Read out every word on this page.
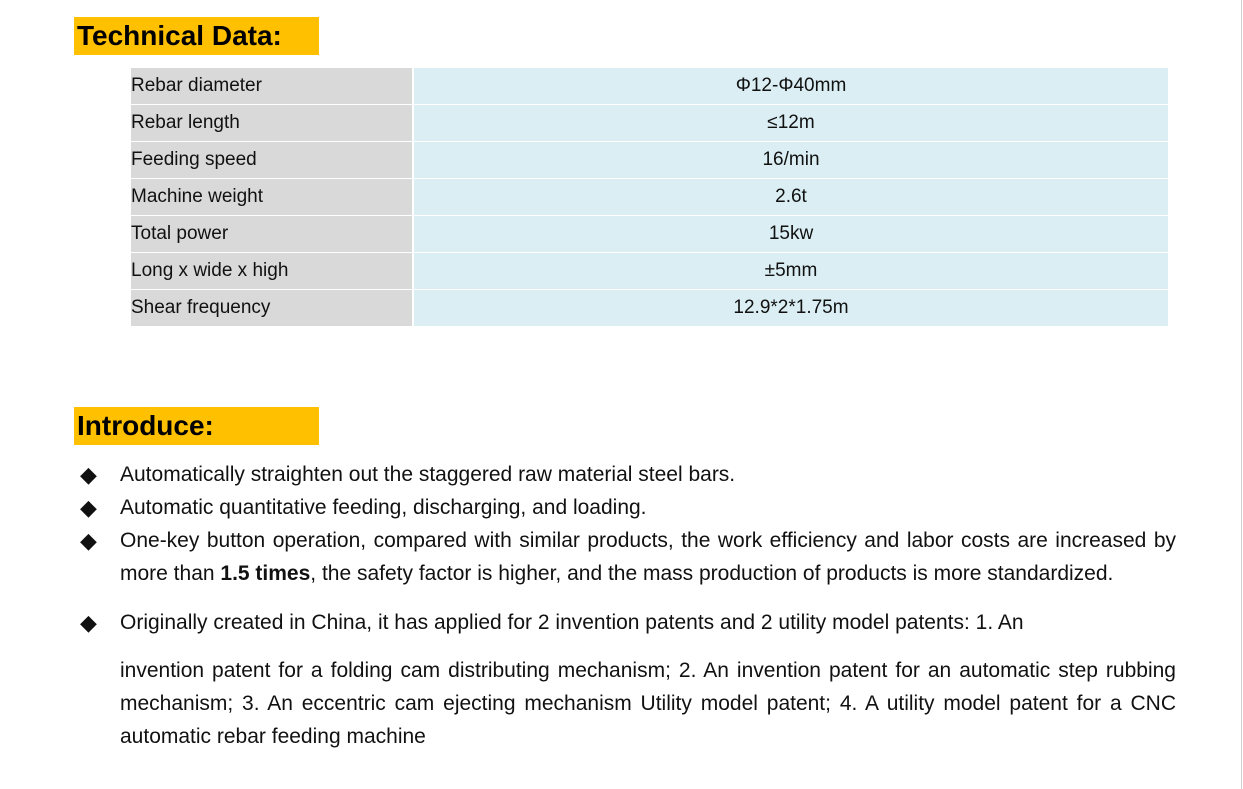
Technical Data:
Rebar diameter	Φ12-Φ40mm
Rebar length	≤12m
Feeding speed	16/min
Machine weight	2.6t
Total power	15kw
Long x wide x high	±5mm
Shear frequency	12.9*2*1.75m
Introduce:
◆ Automatically straighten out the staggered raw material steel bars.

◆ Automatic quantitative feeding, discharging, and loading.

◆ One-key button operation, compared with similar products, the work efficiency and labor costs are increased by more than 1.5 times, the safety factor is higher, and the mass production of products is more standardized.

◆ Originally created in China, it has applied for 2 invention patents and 2 utility model patents: 1. An

invention patent for a folding cam distributing mechanism; 2. An invention patent for an automatic step rubbing mechanism; 3. An eccentric cam ejecting mechanism Utility model patent; 4. A utility model patent for a CNC automatic rebar feeding machine
